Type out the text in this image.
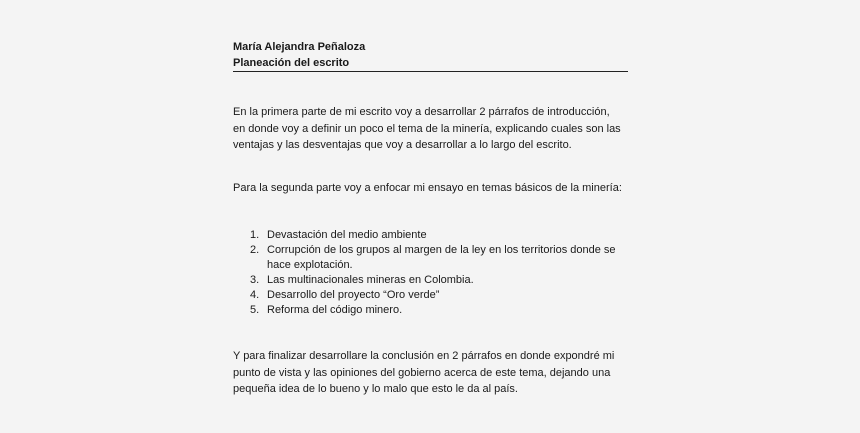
María Alejandra Peñaloza
Planeación del escrito
En la primera parte de mi escrito voy a desarrollar 2 párrafos de introducción,
en donde voy a definir un poco el tema de la minería, explicando cuales son las
ventajas y las desventajas que voy a desarrollar a lo largo del escrito.
Para la segunda parte voy a enfocar mi ensayo en temas básicos de la minería:
1. Devastación del medio ambiente
2. Corrupción de los grupos al margen de la ley en los territorios donde se
hace explotación.
3. Las multinacionales mineras en Colombia.
4. Desarrollo del proyecto “Oro verde”
5. Reforma del código minero.
Y para finalizar desarrollare la conclusión en 2 párrafos en donde expondré mi
punto de vista y las opiniones del gobierno acerca de este tema, dejando una
pequeña idea de lo bueno y lo malo que esto le da al país.
